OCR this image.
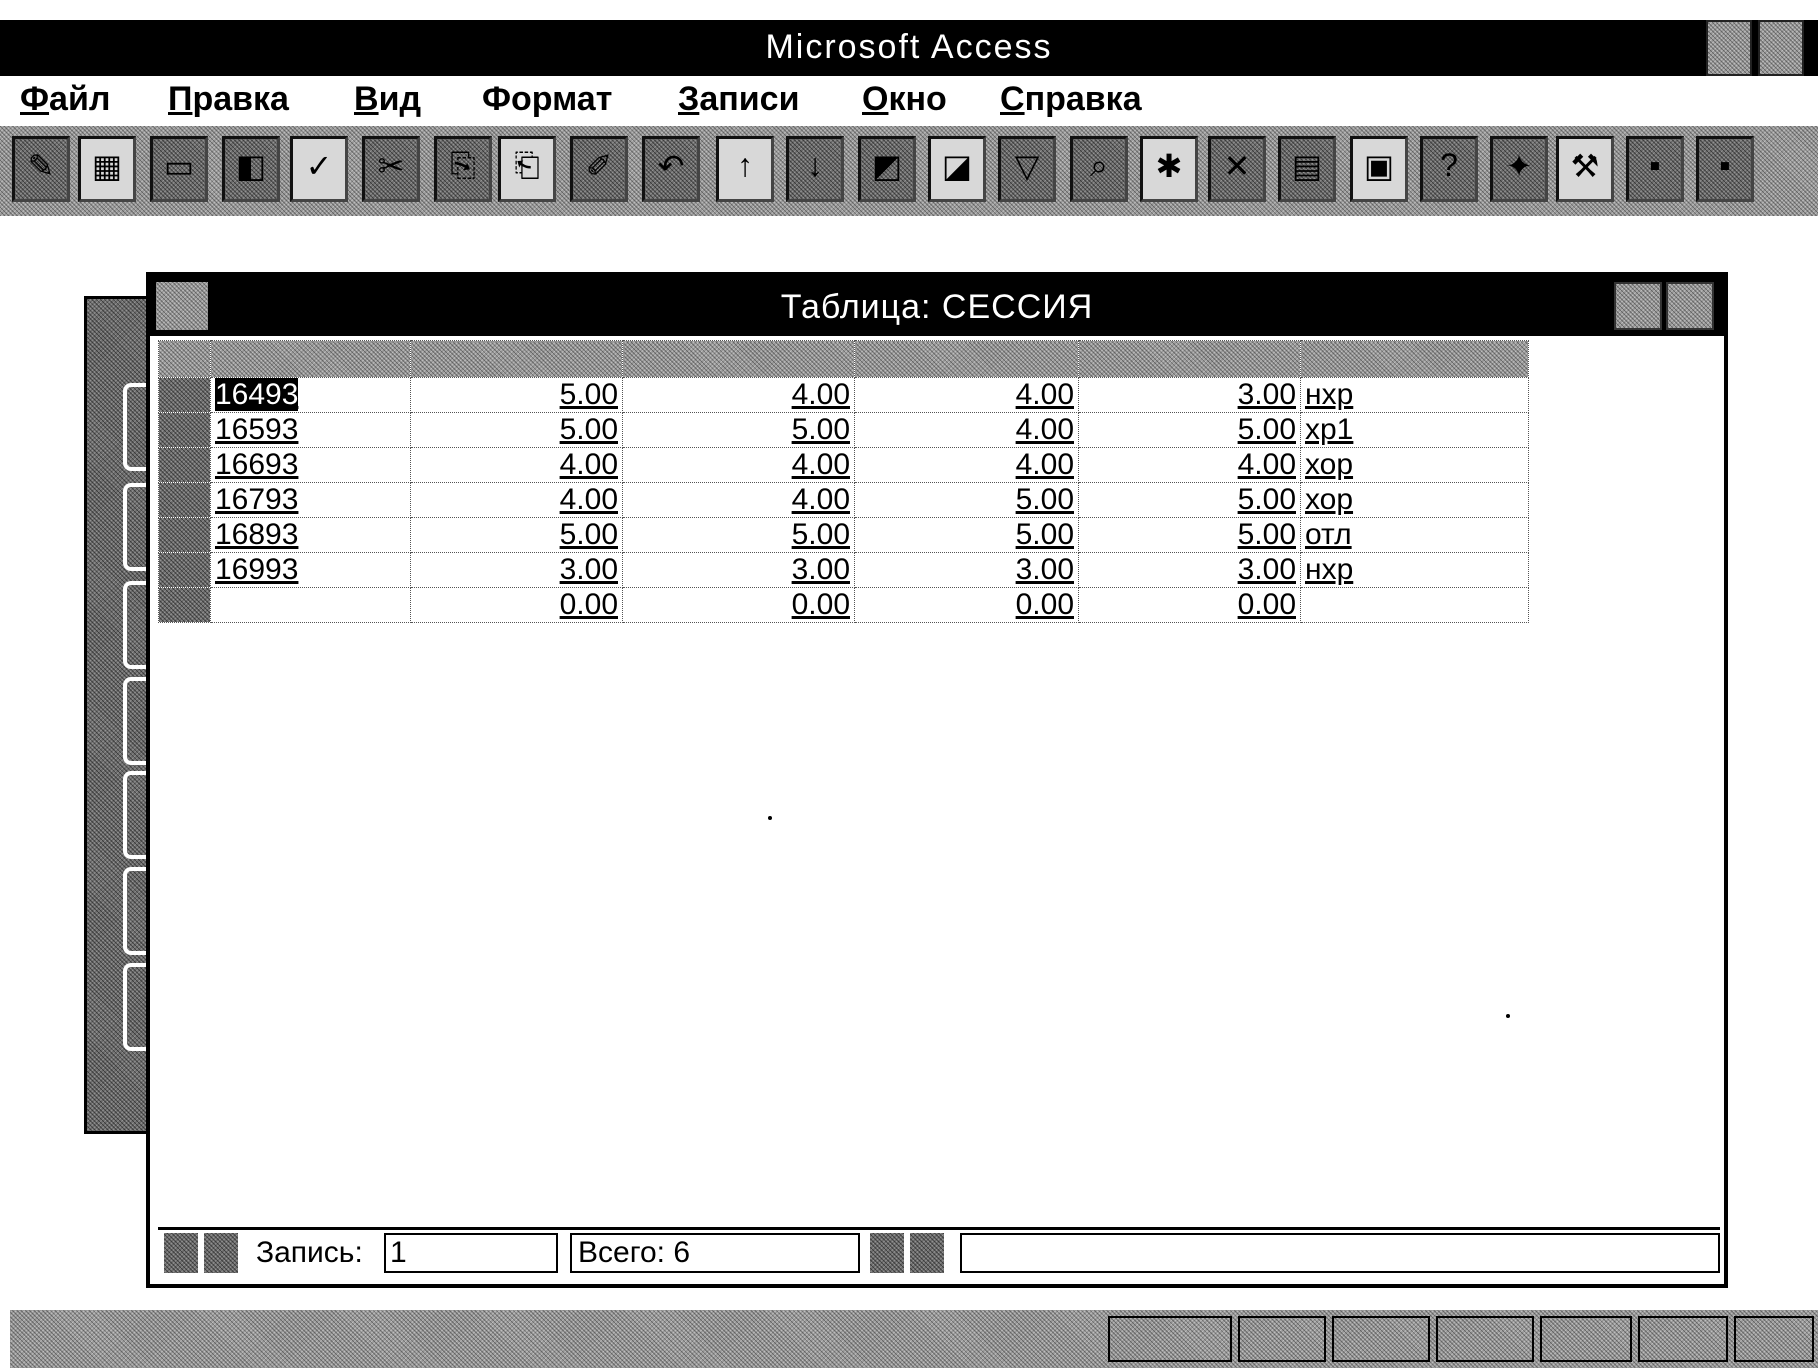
Microsoft Access
Файл Правка Вид Формат Записи Окно Справка
✎	▦	▭	◧	✓	✂	⎘	⎗	✐	↶	↑	↓	◩	◪	▽	⌕	✱	✕	▤	▣	?	✦	⚒	▪	▪
Таблица: СЕССИЯ

	16493	5.00	4.00	4.00	3.00	нхр
	16593	5.00	5.00	4.00	5.00	хр1
	16693	4.00	4.00	4.00	4.00	хор
	16793	4.00	4.00	5.00	5.00	хор
	16893	5.00	5.00	5.00	5.00	отл
	16993	3.00	3.00	3.00	3.00	нхр
		0.00	0.00	0.00	0.00	
Запись: 1	Всего: 6
